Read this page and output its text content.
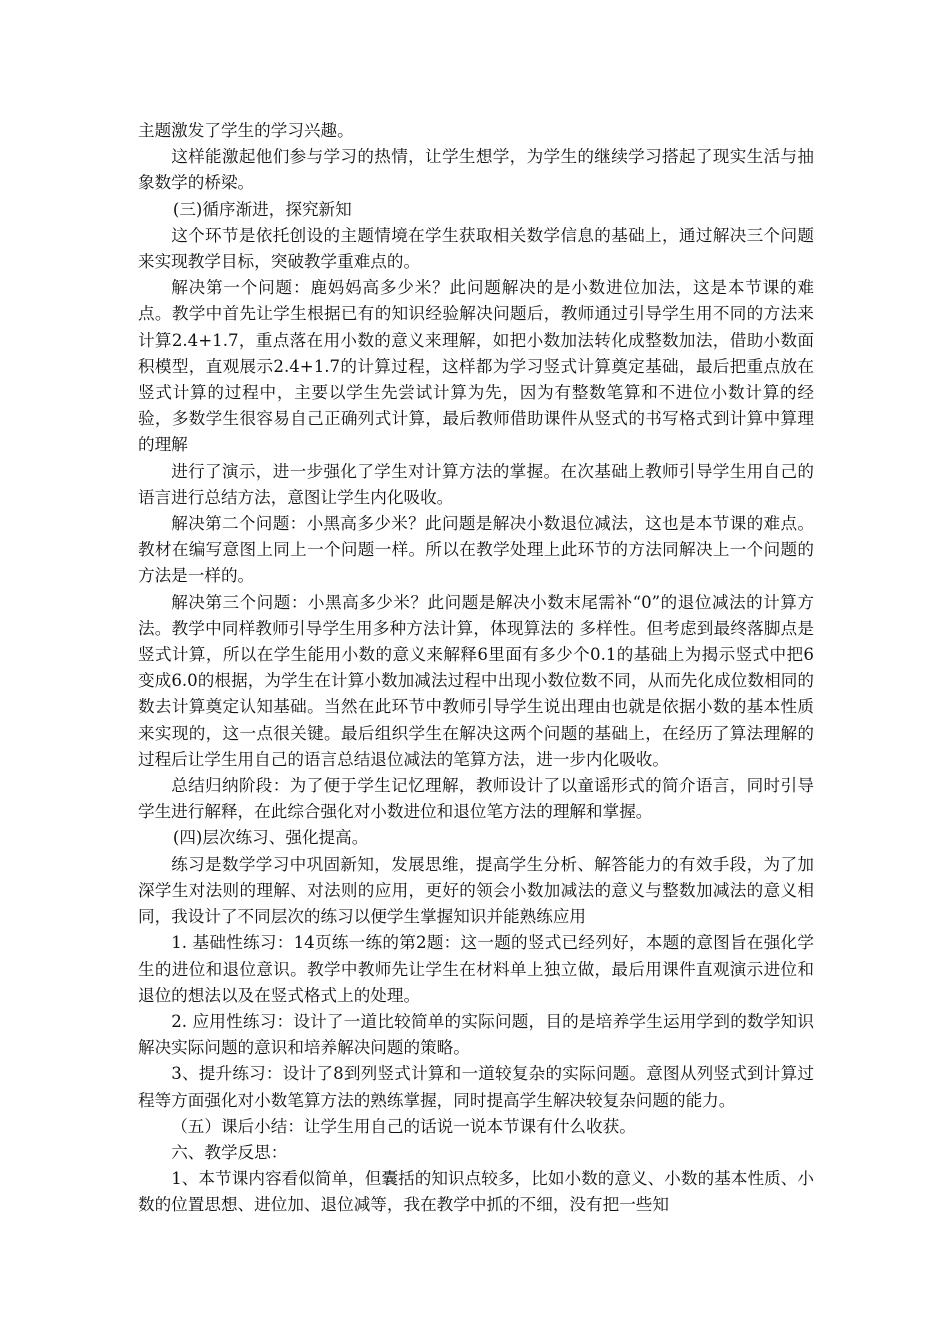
主题激发了学生的学习兴趣。

这样能激起他们参与学习的热情，让学生想学，为学生的继续学习搭起了现实生活与抽象数学的桥梁。

(三)循序渐进，探究新知

这个环节是依托创设的主题情境在学生获取相关数学信息的基础上，通过解决三个问题来实现教学目标，突破教学重难点的。

解决第一个问题：鹿妈妈高多少米？此问题解决的是小数进位加法，这是本节课的难点。教学中首先让学生根据已有的知识经验解决问题后，教师通过引导学生用不同的方法来计算2.4+1.7，重点落在用小数的意义来理解，如把小数加法转化成整数加法，借助小数面积模型，直观展示2.4+1.7的计算过程，这样都为学习竖式计算奠定基础，最后把重点放在竖式计算的过程中，主要以学生先尝试计算为先，因为有整数笔算和不进位小数计算的经验，多数学生很容易自己正确列式计算，最后教师借助课件从竖式的书写格式到计算中算理的理解

进行了演示，进一步强化了学生对计算方法的掌握。在次基础上教师引导学生用自己的语言进行总结方法，意图让学生内化吸收。

解决第二个问题：小黑高多少米？此问题是解决小数退位减法，这也是本节课的难点。教材在编写意图上同上一个问题一样。所以在教学处理上此环节的方法同解决上一个问题的方法是一样的。

解决第三个问题：小黑高多少米？此问题是解决小数末尾需补“0”的退位减法的计算方法。教学中同样教师引导学生用多种方法计算，体现算法的 多样性。但考虑到最终落脚点是竖式计算，所以在学生能用小数的意义来解释6里面有多少个0.1的基础上为揭示竖式中把6变成6.0的根据，为学生在计算小数加减法过程中出现小数位数不同，从而先化成位数相同的数去计算奠定认知基础。当然在此环节中教师引导学生说出理由也就是依据小数的基本性质来实现的，这一点很关键。最后组织学生在解决这两个问题的基础上，在经历了算法理解的过程后让学生用自己的语言总结退位减法的笔算方法，进一步内化吸收。

总结归纳阶段：为了便于学生记忆理解，教师设计了以童谣形式的简介语言，同时引导学生进行解释，在此综合强化对小数进位和退位笔方法的理解和掌握。

(四)层次练习、强化提高。

练习是数学学习中巩固新知，发展思维，提高学生分析、解答能力的有效手段，为了加深学生对法则的理解、对法则的应用，更好的领会小数加减法的意义与整数加减法的意义相同，我设计了不同层次的练习以便学生掌握知识并能熟练应用

1. 基础性练习：14页练一练的第2题：这一题的竖式已经列好，本题的意图旨在强化学生的进位和退位意识。教学中教师先让学生在材料单上独立做，最后用课件直观演示进位和退位的想法以及在竖式格式上的处理。

2. 应用性练习：设计了一道比较简单的实际问题，目的是培养学生运用学到的数学知识解决实际问题的意识和培养解决问题的策略。

3、提升练习：设计了8到列竖式计算和一道较复杂的实际问题。意图从列竖式到计算过程等方面强化对小数笔算方法的熟练掌握，同时提高学生解决较复杂问题的能力。

（五）课后小结：让学生用自己的话说一说本节课有什么收获。

六、教学反思：

1、本节课内容看似简单，但囊括的知识点较多，比如小数的意义、小数的基本性质、小数的位置思想、进位加、退位减等，我在教学中抓的不细，没有把一些知
